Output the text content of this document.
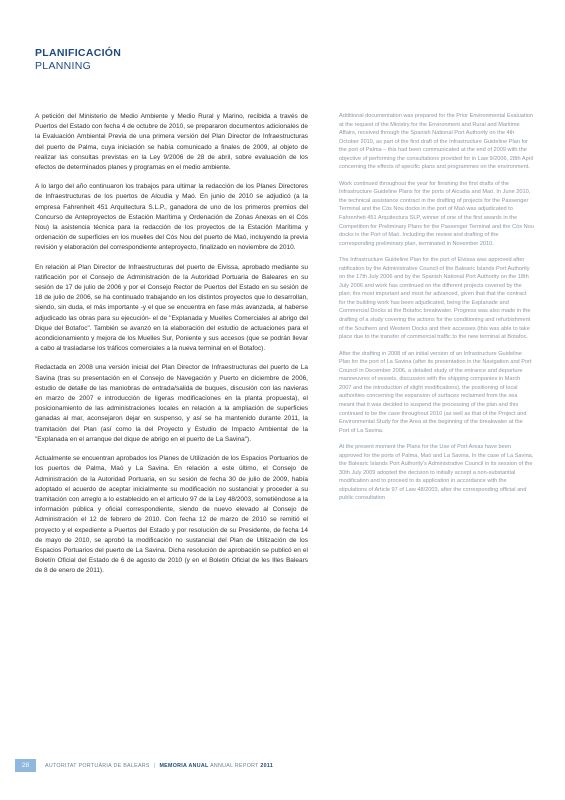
PLANIFICACIÓN
PLANNING

A petición del Ministerio de Medio Ambiente y Medio Rural y Marino, recibida a través de Puertos del Estado con fecha 4 de octubre de 2010, se prepararon documentos adicionales de la Evaluación Ambiental Previa de una primera versión del Plan Director de Infraestructuras del puerto de Palma, cuya iniciación se había comunicado a finales de 2009, al objeto de realizar las consultas previstas en la Ley 9/2006 de 28 de abril, sobre evaluación de los efectos de determinados planes y programas en el medio ambiente.

A lo largo del año continuaron los trabajos para ultimar la redacción de los Planes Directores de Infraestructuras de los puertos de Alcudia y Maó. En junio de 2010 se adjudicó (a la empresa Fahrenheit 451 Arquitectura S.L.P., ganadora de uno de los primeros premios del Concurso de Anteproyectos de Estación Marítima y Ordenación de Zonas Anexas en el Cós Nou) la asistencia técnica para la redacción de los proyectos de la Estación Marítima y ordenación de superficies en los muelles del Cós Nou del puerto de Maó, incluyendo la previa revisión y elaboración del correspondiente anteproyecto, finalizado en noviembre de 2010.

En relación al Plan Director de Infraestructuras del puerto de Eivissa, aprobado mediante su ratificación por el Consejo de Administración de la Autoridad Portuaria de Baleares en su sesión de 17 de julio de 2006 y por el Consejo Rector de Puertos del Estado en su sesión de 18 de julio de 2006, se ha continuado trabajando en los distintos proyectos que lo desarrollan, siendo, sin duda, el más importante -y el que se encuentra en fase más avanzada, al haberse adjudicado las obras para su ejecución- el de "Explanada y Muelles Comerciales al abrigo del Dique del Botafoc". También se avanzó en la elaboración del estudio de actuaciones para el acondicionamiento y mejora de los Muelles Sur, Poniente y sus accesos (que se podrán llevar a cabo al trasladarse los tráficos comerciales a la nueva terminal en el Botafoc).

Redactada en 2008 una versión inicial del Plan Director de Infraestructuras del puerto de La Savina (tras su presentación en el Consejo de Navegación y Puerto en diciembre de 2006, estudio de detalle de las maniobras de entrada/salida de buques, discusión con las navieras en marzo de 2007 e introducción de ligeras modificaciones en la planta propuesta), el posicionamiento de las administraciones locales en relación a la ampliación de superficies ganadas al mar, aconsejaron dejar en suspenso, y así se ha mantenido durante 2011, la tramitación del Plan (así como la del Proyecto y Estudio de Impacto Ambiental de la "Explanada en el arranque del dique de abrigo en el puerto de La Savina").

Actualmente se encuentran aprobados los Planes de Utilización de los Espacios Portuarios de los puertos de Palma, Maó y La Savina. En relación a este último, el Consejo de Administración de la Autoridad Portuaria, en su sesión de fecha 30 de julio de 2009, había adoptado el acuerdo de aceptar inicialmente su modificación no sustancial y proceder a su tramitación con arreglo a lo establecido en el artículo 97 de la Ley 48/2003, sometiéndose a la información pública y oficial correspondiente, siendo de nuevo elevado al Consejo de Administración el 12 de febrero de 2010. Con fecha 12 de marzo de 2010 se remitió el proyecto y el expediente a Puertos del Estado y por resolución de su Presidente, de fecha 14 de mayo de 2010, se aprobó la modificación no sustancial del Plan de Utilización de los Espacios Portuarios del puerto de La Savina. Dicha resolución de aprobación se publicó en el Boletín Oficial del Estado de 6 de agosto de 2010 (y en el Boletín Oficial de les Illes Balears de 8 de enero de 2011).

Additional documentation was prepared for the Prior Environmental Evaluation at the request of the Ministry for the Environment and Rural and Maritime Affairs, received through the Spanish National Port Authority on the 4th October 2010, as part of the first draft of the Infrastructure Guideline Plan for the port of Palma – this had been communicated at the end of 2009 with the objective of performing the consultations provided for in Law 9/2006, 28th April concerning the effects of specific plans and programmes on the environment.

Work continued throughout the year for finishing the first drafts of the Infrastructure Guideline Plans for the ports of Alcudia and Maó. In June 2010, the technical assistance contract in the drafting of projects for the Passenger Terminal and the Cós Nou docks in the port of Maó was adjudicated to Fahrenheit 451 Arquitectura SLP, winner of one of the first awards in the Competition for Preliminary Plans for the Passenger Terminal and the Cós Nou docks in the Port of Maó. Including the review and drafting of the corresponding preliminary plan, terminated in November 2010.

The Infrastructure Guideline Plan for the port of Eivissa was approved after ratification by the Administrative Council of the Balearic Islands Port Authority on the 17th July 2006 and by the Spanish National Port Authority on the 18th July 2006 and work has continued on the different projects covered by the plan; the most important and most far advanced, given that that the contract for the building work has been adjudicated, being the Esplanade and Commercial Docks at the Botafoc breakwater. Progress was also made in the drafting of a study covering the actions for the conditioning and refurbishment of the Southern and Western Docks and their accesses (this was able to take place due to the transfer of commercial traffic to the new terminal at Botafoc.

After the drafting in 2008 of an initial version of an Infrastructure Guideline Plan for the port of La Savina (after its presentation in the Navigation and Port Council in December 2006, a detailed study of the entrance and departure manoeuvres of vessels, discussion with the shipping companies in March 2007 and the introduction of slight modifications), the positioning of local authorities concerning the expansion of surfaces reclaimed from the sea meant that it was decided to suspend the processing of the plan and this continued to be the case throughout 2010 (as well as that of the Project and Environmental Study for the Area at the beginning of the breakwater at the Port of La Savina.

At the present moment the Plans for the Use of Port Areas have been approved for the ports of Palma, Maó and La Savina. In the case of La Savina, the Balearic Islands Port Authority's Administrative Council in its session of the 30th July 2009 adopted the decision to initially accept a non-substantial modification and to proceed to its application in accordance with the stipulations of Article 97 of Law 48/2003, after the corresponding official and public consultation

28	AUTORITAT PORTUÀRIA DE BALEARS | MEMORIA ANUAL ANNUAL REPORT 2011
